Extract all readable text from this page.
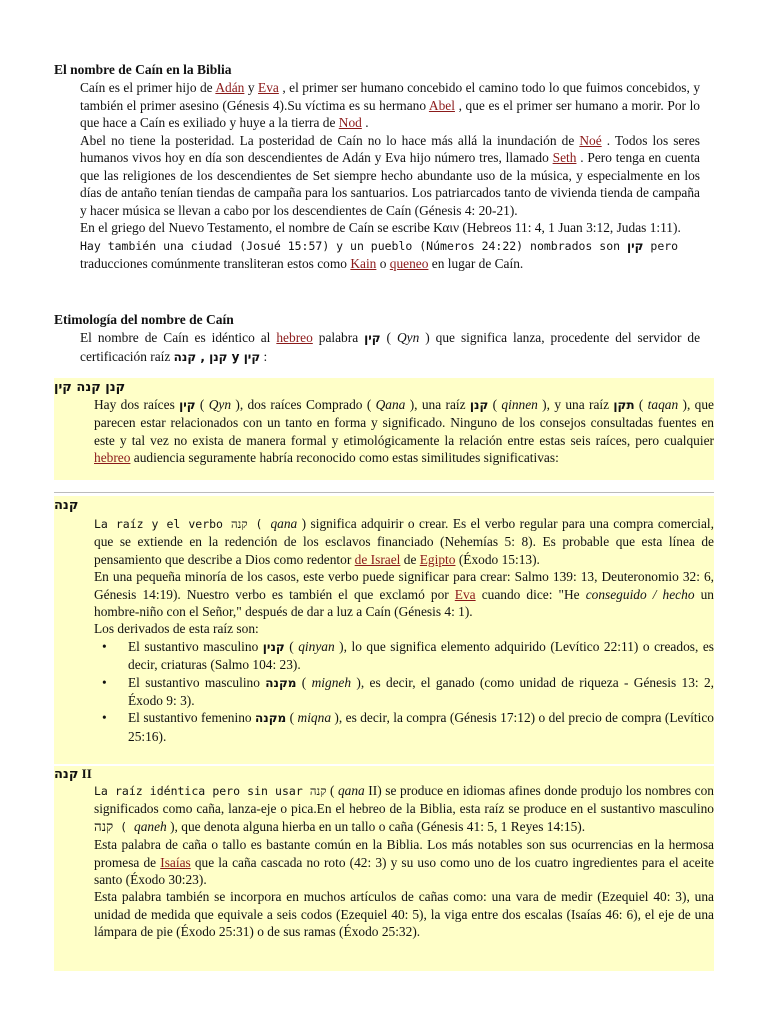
El nombre de Caín en la Biblia

Caín es el primer hijo de Adán y Eva , el primer ser humano concebido el camino todo lo que fuimos concebidos, y también el primer asesino (Génesis 4).Su víctima es su hermano Abel , que es el primer ser humano a morir. Por lo que hace a Caín es exiliado y huye a la tierra de Nod .

Abel no tiene la posteridad. La posteridad de Caín no lo hace más allá la inundación de Noé . Todos los seres humanos vivos hoy en día son descendientes de Adán y Eva hijo número tres, llamado Seth . Pero tenga en cuenta que las religiones de los descendientes de Set siempre hecho abundante uso de la música, y especialmente en los días de antaño tenían tiendas de campaña para los santuarios. Los patriarcados tanto de vivienda tienda de campaña y hacer música se llevan a cabo por los descendientes de Caín (Génesis 4: 20-21).

En el griego del Nuevo Testamento, el nombre de Caín se escribe Καιν (Hebreos 11: 4, 1 Juan 3:12, Judas 1:11).

Hay también una ciudad (Josué 15:57) y un pueblo (Números 24:22) nombrados son קין pero
traducciones comúnmente transliteran estos como Kain o queneo en lugar de Caín.

Etimología del nombre de Caín

El nombre de Caín es idéntico al hebreo palabra קין ( Qyn ) que significa lanza, procedente del servidor de certificación raíz קנן , קנה y קין :

קנן קנה קין

Hay dos raíces קין ( Qyn ), dos raíces Comprado ( Qana ), una raíz קנן ( qinnen ), y una raíz תקן ( taqan ), que parecen estar relacionados con un tanto en forma y significado. Ninguno de los consejos consultadas fuentes en este y tal vez no exista de manera formal y etimológicamente la relación entre estas seis raíces, pero cualquier hebreo audiencia seguramente habría reconocido como estas similitudes significativas:

קנה

La raíz y el verbo קנה ( qana ) significa adquirir o crear. Es el verbo regular para una compra comercial, que se extiende en la redención de los esclavos financiado (Nehemías 5: 8). Es probable que esta línea de pensamiento que describe a Dios como redentor de Israel de Egipto (Éxodo 15:13).

En una pequeña minoría de los casos, este verbo puede significar para crear: Salmo 139: 13, Deuteronomio 32: 6, Génesis 14:19). Nuestro verbo es también el que exclamó por Eva cuando dice: "He conseguido / hecho un hombre-niño con el Señor," después de dar a luz a Caín (Génesis 4: 1).

Los derivados de esta raíz son:

• El sustantivo masculino קנין ( qinyan ), lo que significa elemento adquirido (Levítico 22:11) o creados, es decir, criaturas (Salmo 104: 23).
• El sustantivo masculino מקנה ( migneh ), es decir, el ganado (como unidad de riqueza - Génesis 13: 2, Éxodo 9: 3).
• El sustantivo femenino מקנה ( miqna ), es decir, la compra (Génesis 17:12) o del precio de compra (Levítico 25:16).
קנה II

La raíz idéntica pero sin usar קנה ( qana II) se produce en idiomas afines donde produjo los nombres con significados como caña, lanza-eje o pica.En el hebreo de la Biblia, esta raíz se produce en el sustantivo masculino קנה ( qaneh ), que denota alguna hierba en un tallo o caña (Génesis 41: 5, 1 Reyes 14:15).

Esta palabra de caña o tallo es bastante común en la Biblia. Los más notables son sus ocurrencias en la hermosa promesa de Isaías que la caña cascada no roto (42: 3) y su uso como uno de los cuatro ingredientes para el aceite santo (Éxodo 30:23).

Esta palabra también se incorpora en muchos artículos de cañas como: una vara de medir (Ezequiel 40: 3), una unidad de medida que equivale a seis codos (Ezequiel 40: 5), la viga entre dos escalas (Isaías 46: 6), el eje de una lámpara de pie (Éxodo 25:31) o de sus ramas (Éxodo 25:32).
